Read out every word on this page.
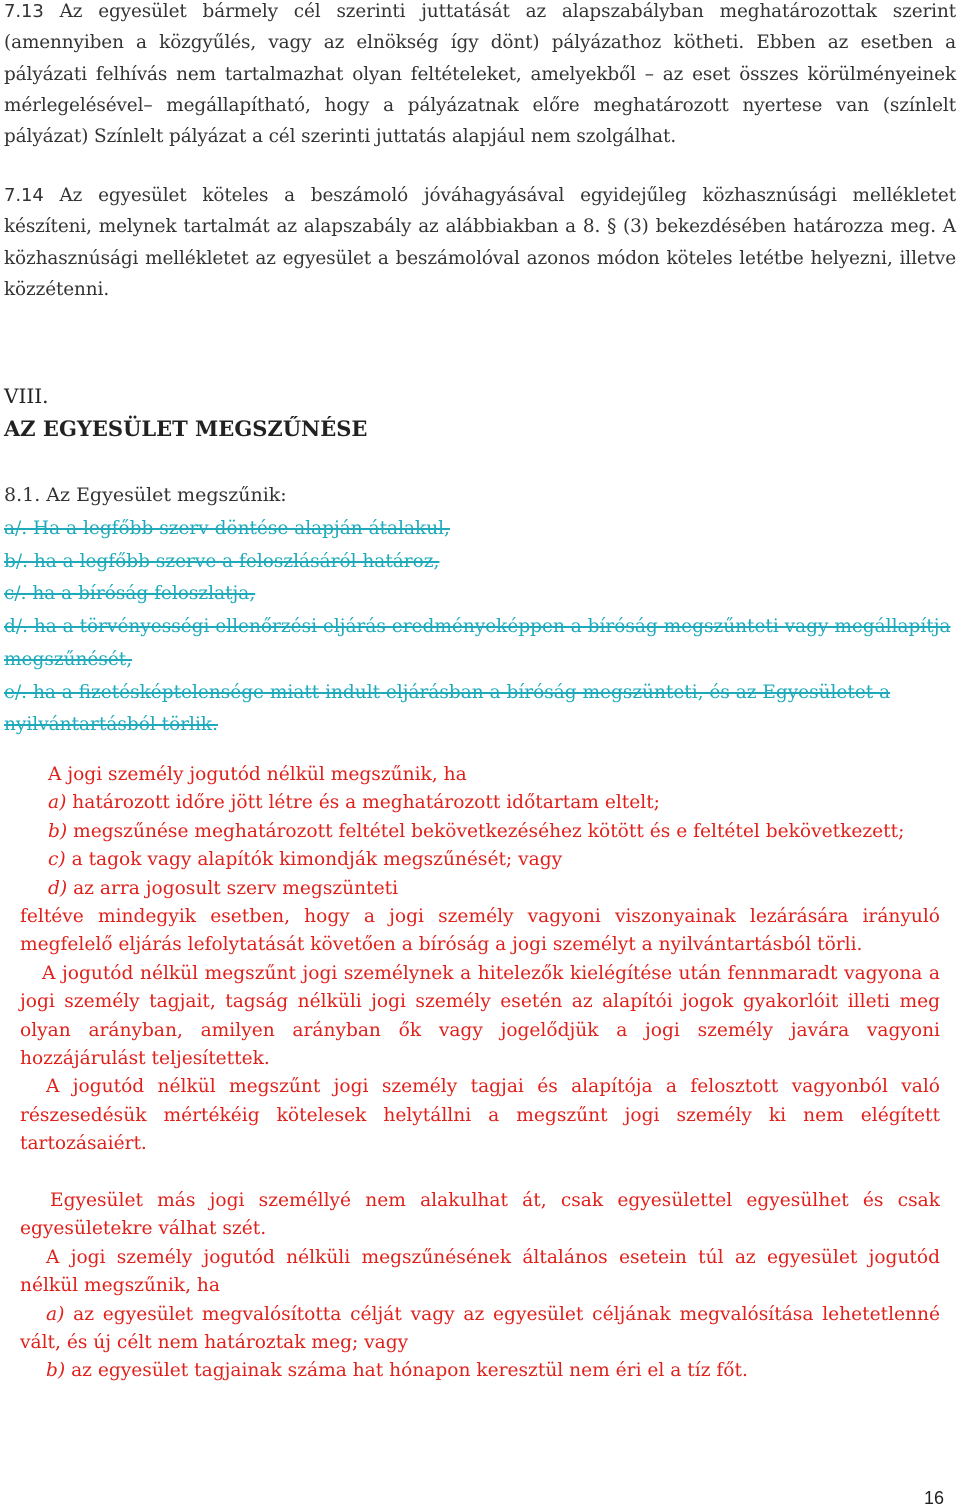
7.13 Az egyesület bármely cél szerinti juttatását az alapszabályban meghatározottak szerint (amennyiben a közgyűlés, vagy az elnökség így dönt) pályázathoz kötheti. Ebben az esetben a pályázati felhívás nem tartalmazhat olyan feltételeket, amelyekből – az eset összes körülményeinek mérlegelésével– megállapítható, hogy a pályázatnak előre meghatározott nyertese van (színlelt pályázat) Színlelt pályázat a cél szerinti juttatás alapjául nem szolgálhat.

7.14 Az egyesület köteles a beszámoló jóváhagyásával egyidejűleg közhasznúsági mellékletet készíteni, melynek tartalmát az alapszabály az alábbiakban a 8. § (3) bekezdésében határozza meg. A közhasznúsági mellékletet az egyesület a beszámolóval azonos módon köteles letétbe helyezni, illetve közzétenni.

VIII.

AZ EGYESÜLET MEGSZŰNÉSE

8.1. Az Egyesület megszűnik:

a/. Ha a legfőbb szerv döntése alapján átalakul,
b/. ha a legfőbb szerve a feloszlásáról határoz,
c/. ha a bíróság feloszlatja,
d/. ha a törvényességi ellenőrzési eljárás eredményeképpen a bíróság megszűnteti vagy megállapítja megszűnését,
e/. ha a fizetésképtelensége miatt indult eljárásban a bíróság megszünteti, és az Egyesületet a nyilvántartásból törlik.
A jogi személy jogutód nélkül megszűnik, ha
a) határozott időre jött létre és a meghatározott időtartam eltelt;
b) megszűnése meghatározott feltétel bekövetkezéséhez kötött és e feltétel bekövetkezett;
c) a tagok vagy alapítók kimondják megszűnését; vagy
d) az arra jogosult szerv megszünteti
feltéve mindegyik esetben, hogy a jogi személy vagyoni viszonyainak lezárására irányuló megfelelő eljárás lefolytatását követően a bíróság a jogi személyt a nyilvántartásból törli.
A jogutód nélkül megszűnt jogi személynek a hitelezők kielégítése után fennmaradt vagyona a jogi személy tagjait, tagság nélküli jogi személy esetén az alapítói jogok gyakorlóit illeti meg olyan arányban, amilyen arányban ők vagy jogelődjük a jogi személy javára vagyoni hozzájárulást teljesítettek.
A jogutód nélkül megszűnt jogi személy tagjai és alapítója a felosztott vagyonból való részesedésük mértékéig kötelesek helytállni a megszűnt jogi személy ki nem elégített tartozásaiért.
Egyesület más jogi személlyé nem alakulhat át, csak egyesülettel egyesülhet és csak egyesületekre válhat szét.
A jogi személy jogutód nélküli megszűnésének általános esetein túl az egyesület jogutód nélkül megszűnik, ha
a) az egyesület megvalósította célját vagy az egyesület céljának megvalósítása lehetetlenné vált, és új célt nem határoztak meg; vagy
b) az egyesület tagjainak száma hat hónapon keresztül nem éri el a tíz főt.
16
